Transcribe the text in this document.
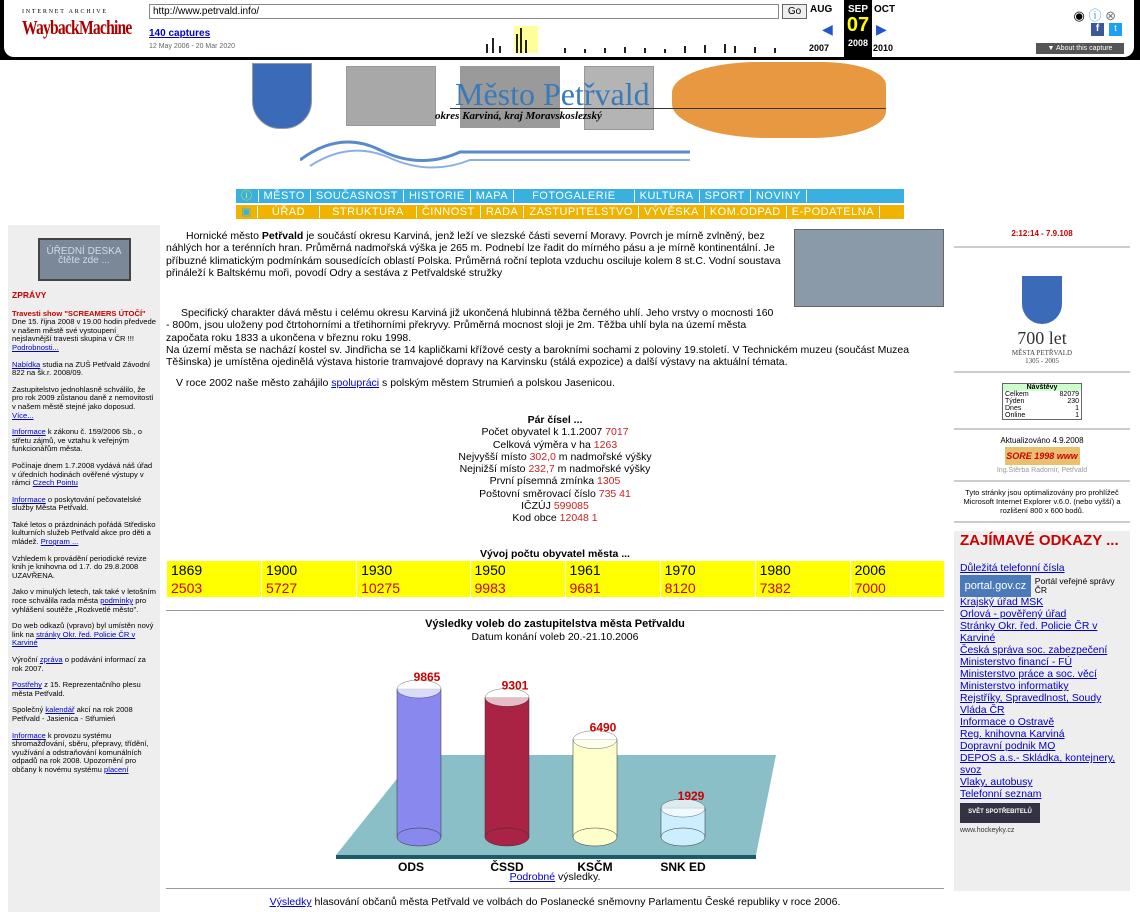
INTERNET ARCHIVE
WaybackMachine
http://www.petrvald.info/	Go
140 captures
12 May 2006 - 20 Mar 2020
AUG	SEP
07
2008
OCT
◀	▶
2007	2010
◉ ⓘ ⊗
f	t
▼ About this capture
Město Petřvald
okres Karviná, kraj Moravskoslezský
ⓘ	MĚSTO	SOUČASNOST	HISTORIE	MAPA	FOTOGALERIE	KULTURA	SPORT	NOVINY
▣	ÚŘAD	STRUKTURA	ČINNOST	RADA	ZASTUPITELSTVO	VÝVĚSKA	KOM.ODPAD	E-PODATELNA
ÚŘEDNÍ DESKA čtěte zde ...
ZPRÁVY

Travesti show "SCREAMERS ÚTOČÍ"
Dne 15. října 2008 v 19.00 hodin předvede v našem městě své vystoupení nejslavnější travesti skupina v ČR !!!
Podrobnosti...

Nabídka studia na ZUŠ Petřvald Závodní 822 na šk.r. 2008/09.

Zastupitelstvo jednohlasně schválilo, že pro rok 2009 zůstanou daně z nemovitostí v našem městě stejné jako doposud. Více...

Informace k zákonu č. 159/2006 Sb., o střetu zájmů, ve vztahu k veřejným funkcionářům města.

Počínaje dnem 1.7.2008 vydává náš úřad v úředních hodinách ověřené výstupy v rámci Czech Pointu

Informace o poskytování pečovatelské služby Města Petřvald.

Také letos o prázdninách pořádá Středisko kulturních služeb Petřvald akce pro děti a mládež. Program ...

Vzhledem k provádění periodické revize knih je knihovna od 1.7. do 29.8.2008 UZAVŘENA.

Jako v minulých letech, tak také v letošním roce schválila rada města podmínky pro vyhlášení soutěže „Rozkvetlé město".

Do web odkazů (vpravo) byl umístěn nový link na stránky Okr. řed. Policie ČR v Karviné

Výroční zpráva o podávání informací za rok 2007.

Postřehy z 15. Reprezentačního plesu města Petřvald.

Společný kalendář akcí na rok 2008 Petřvald - Jasienica - Střumień

Informace k provozu systému shromažďování, sběru, přepravy, třídění, využívání a odstraňování komunálních odpadů na rok 2008. Upozornění pro občany k novému systému placení

Hornické město Petřvald je součástí okresu Karviná, jenž leží ve slezské části severní Moravy. Povrch je mírně zvlněný, bez náhlých hor a terénních hran. Průměrná nadmořská výška je 265 m. Podnebí lze řadit do mírného pásu a je mírně kontinentální. Je příbuzné klimatickým podmínkám sousedících oblastí Polska. Průměrná roční teplota vzduchu osciluje kolem 8 st.C. Vodní soustava přináleží k Baltskému moři, povodí Odry a sestáva z Petřvaldské stružky
Specifický charakter dává městu i celému okresu Karviná již ukončená hlubinná těžba černého uhlí. Jeho vrstvy o mocnosti 160 - 800m, jsou uloženy pod čtrtohorními a třetihorními překryvy. Průměrná mocnost sloji je 2m. Těžba uhlí byla na území města započata roku 1833 a ukončena v březnu roku 1998.
Na území města se nachází kostel sv. Jindřicha se 14 kapličkami křížové cesty a barokními sochami z poloviny 19.století. V Technickém muzeu (součást Muzea Těšinska) je umístěna ojedinělá výstava historie tramvajové dopravy na Karvinsku (stálá expozice) a další výstavy na aktuální témata.
V roce 2002 naše město zahájilo spolupráci s polským městem Strumień a polskou Jasenicou.
Pár čísel ...
Počet obyvatel k 1.1.2007 7017
Celková výměra v ha 1263
Nejvyšší místo 302,0 m nadmořské výšky
Nejnižší místo 232,7 m nadmořské výšky
První písemná zmínka 1305
Poštovní směrovací číslo 735 41
IČZÚJ 599085
Kod obce 12048 1
Vývoj počtu obyvatel města ...
1869	1900	1930	1950	1961	1970	1980	2006
2503	5727	10275	9983	9681	8120	7382	7000
Výsledky voleb do zastupitelstva města Petřvaldu
Datum konání voleb 20.-21.10.2006
9865
ODS
9301
ČSSD
6490
KSČM
1929
SNK ED
Podrobné výsledky.
Výsledky hlasování občanů města Petřvald ve volbách do Poslanecké sněmovny Parlamentu České republiky v roce 2006.
2:12:14 - 7.9.108
700 let
MĚSTA PETŘVALD
1305 - 2005
Návštěvy
Celkem	82079
Týden	230
Dnes	1
Online	1
Aktualizováno 4.9.2008
SORE 1998 www
Ing.Štěrba Radomír, Petřvald
Tyto stránky jsou optimalizovány pro prohlížeč Microsoft Internet Explorer v.6.0. (nebo vyšší) a rozlišení 800 x 600 bodů.
ZAJÍMAVÉ ODKAZY ...
Důležitá telefonní čísla
portal.gov.cz	Portál veřejné správy ČR
Krajský úřad MSK
Orlová - pověřený úřad
Stránky Okr. řed. Policie ČR v Karviné
Česká správa soc. zabezpečení
Ministerstvo financí - FÚ
Ministerstvo práce a soc. věcí
Ministerstvo informatiky
Rejstříky, Spravedlnost, Soudy
Vláda ČR
Informace o Ostravě
Reg. knihovna Karviná
Dopravní podnik MO
DEPOS a.s.- Skládka, kontejnery, svoz
Vlaky, autobusy
Telefonní seznam
SVĚT SPOTŘEBITELŮ
www.hockeyky.cz
